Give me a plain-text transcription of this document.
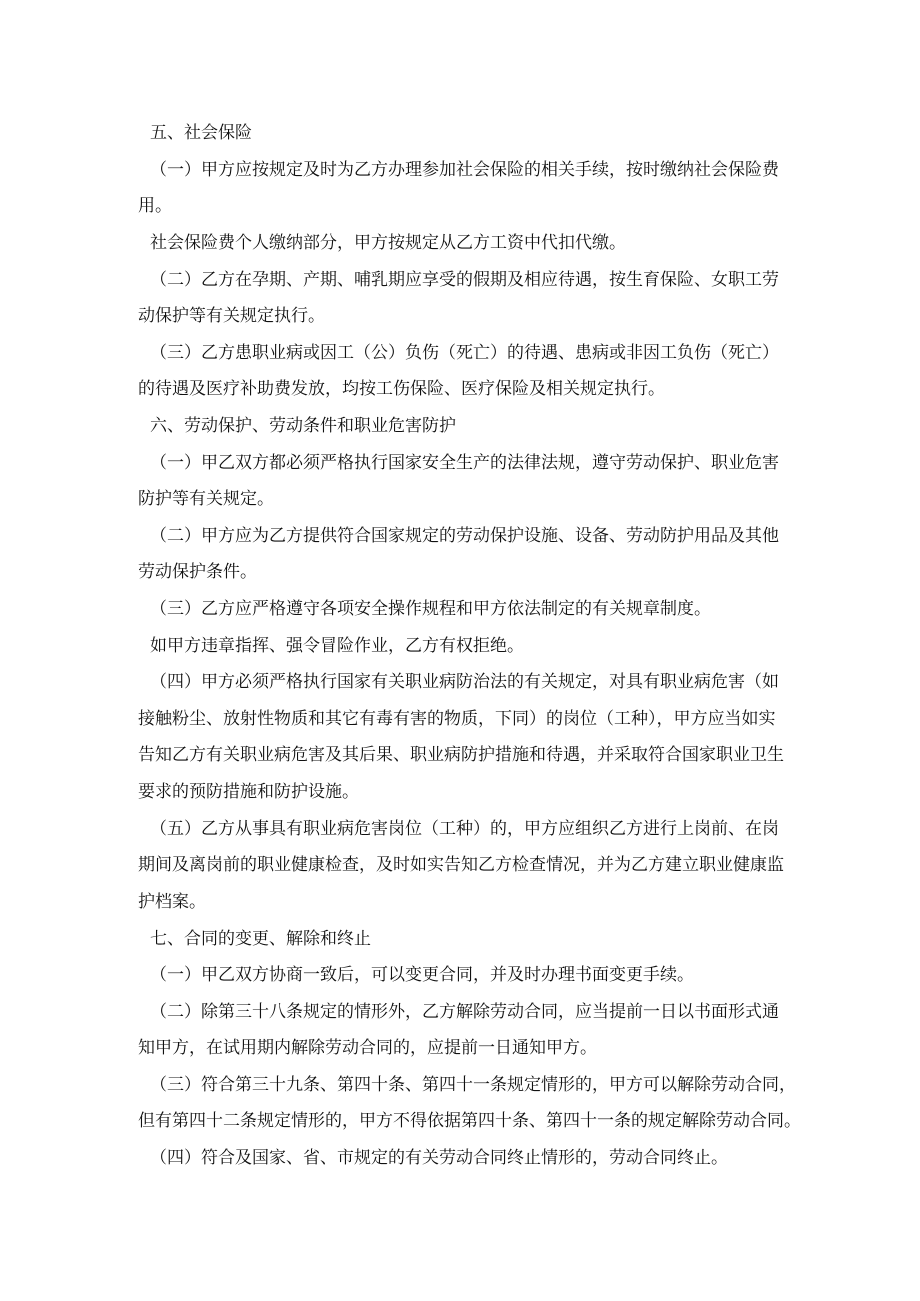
五、社会保险

（一）甲方应按规定及时为乙方办理参加社会保险的相关手续，按时缴纳社会保险费

用。

社会保险费个人缴纳部分，甲方按规定从乙方工资中代扣代缴。

（二）乙方在孕期、产期、哺乳期应享受的假期及相应待遇，按生育保险、女职工劳

动保护等有关规定执行。

（三）乙方患职业病或因工（公）负伤（死亡）的待遇、患病或非因工负伤（死亡）

的待遇及医疗补助费发放，均按工伤保险、医疗保险及相关规定执行。

六、劳动保护、劳动条件和职业危害防护

（一）甲乙双方都必须严格执行国家安全生产的法律法规，遵守劳动保护、职业危害

防护等有关规定。

（二）甲方应为乙方提供符合国家规定的劳动保护设施、设备、劳动防护用品及其他

劳动保护条件。

（三）乙方应严格遵守各项安全操作规程和甲方依法制定的有关规章制度。

如甲方违章指挥、强令冒险作业，乙方有权拒绝。

（四）甲方必须严格执行国家有关职业病防治法的有关规定，对具有职业病危害（如

接触粉尘、放射性物质和其它有毒有害的物质，下同）的岗位（工种），甲方应当如实

告知乙方有关职业病危害及其后果、职业病防护措施和待遇，并采取符合国家职业卫生

要求的预防措施和防护设施。

（五）乙方从事具有职业病危害岗位（工种）的，甲方应组织乙方进行上岗前、在岗

期间及离岗前的职业健康检查，及时如实告知乙方检查情况，并为乙方建立职业健康监

护档案。

七、合同的变更、解除和终止

（一）甲乙双方协商一致后，可以变更合同，并及时办理书面变更手续。

（二）除第三十八条规定的情形外，乙方解除劳动合同，应当提前一日以书面形式通

知甲方，在试用期内解除劳动合同的，应提前一日通知甲方。

（三）符合第三十九条、第四十条、第四十一条规定情形的，甲方可以解除劳动合同，

但有第四十二条规定情形的，甲方不得依据第四十条、第四十一条的规定解除劳动合同。

（四）符合及国家、省、市规定的有关劳动合同终止情形的，劳动合同终止。
